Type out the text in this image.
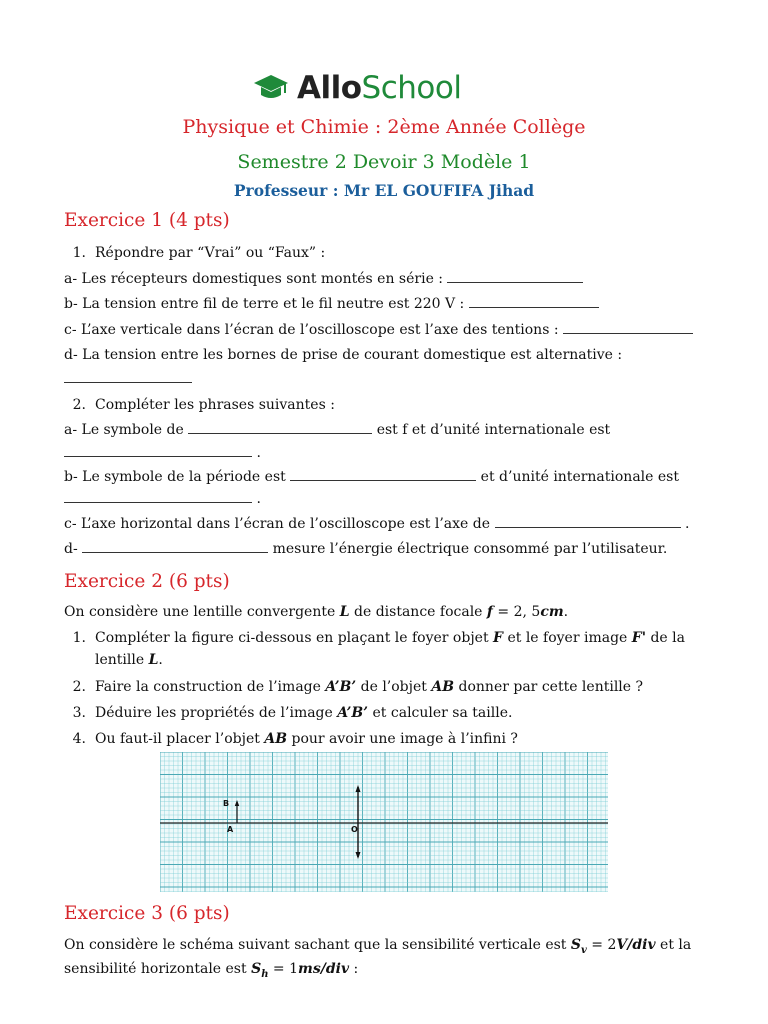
AlloSchool
Physique et Chimie : 2ème Année Collège
Semestre 2 Devoir 3 Modèle 1
Professeur : Mr EL GOUFIFA Jihad
Exercice 1 (4 pts)
1. Répondre par “Vrai” ou “Faux” :
a- Les récepteurs domestiques sont montés en série :
b- La tension entre fil de terre et le fil neutre est 220 V :
c- L’axe verticale dans l’écran de l’oscilloscope est l’axe des tentions :
d- La tension entre les bornes de prise de courant domestique est alternative :
2. Compléter les phrases suivantes :
a- Le symbole de	est f et d’unité internationale est
.
b- Le symbole de la période est	et d’unité internationale est
.
c- L’axe horizontal dans l’écran de l’oscilloscope est l’axe de	.
d-	mesure l’énergie électrique consommé par l’utilisateur.
Exercice 2 (6 pts)
On considère une lentille convergente L de distance focale f = 2, 5cm.
1. Compléter la figure ci-dessous en plaçant le foyer objet F et le foyer image F' de la
lentille L.
2. Faire la construction de l’image A’B’ de l’objet AB donner par cette lentille ?
3. Déduire les propriétés de l’image A’B’ et calculer sa taille.
4. Ou faut-il placer l’objet AB pour avoir une image à l’infini ?
B
A	O
Exercice 3 (6 pts)
On considère le schéma suivant sachant que la sensibilité verticale est $S_v = 2V/div$ et la
sensibilité horizontale est $S_h = 1ms/div$ :
